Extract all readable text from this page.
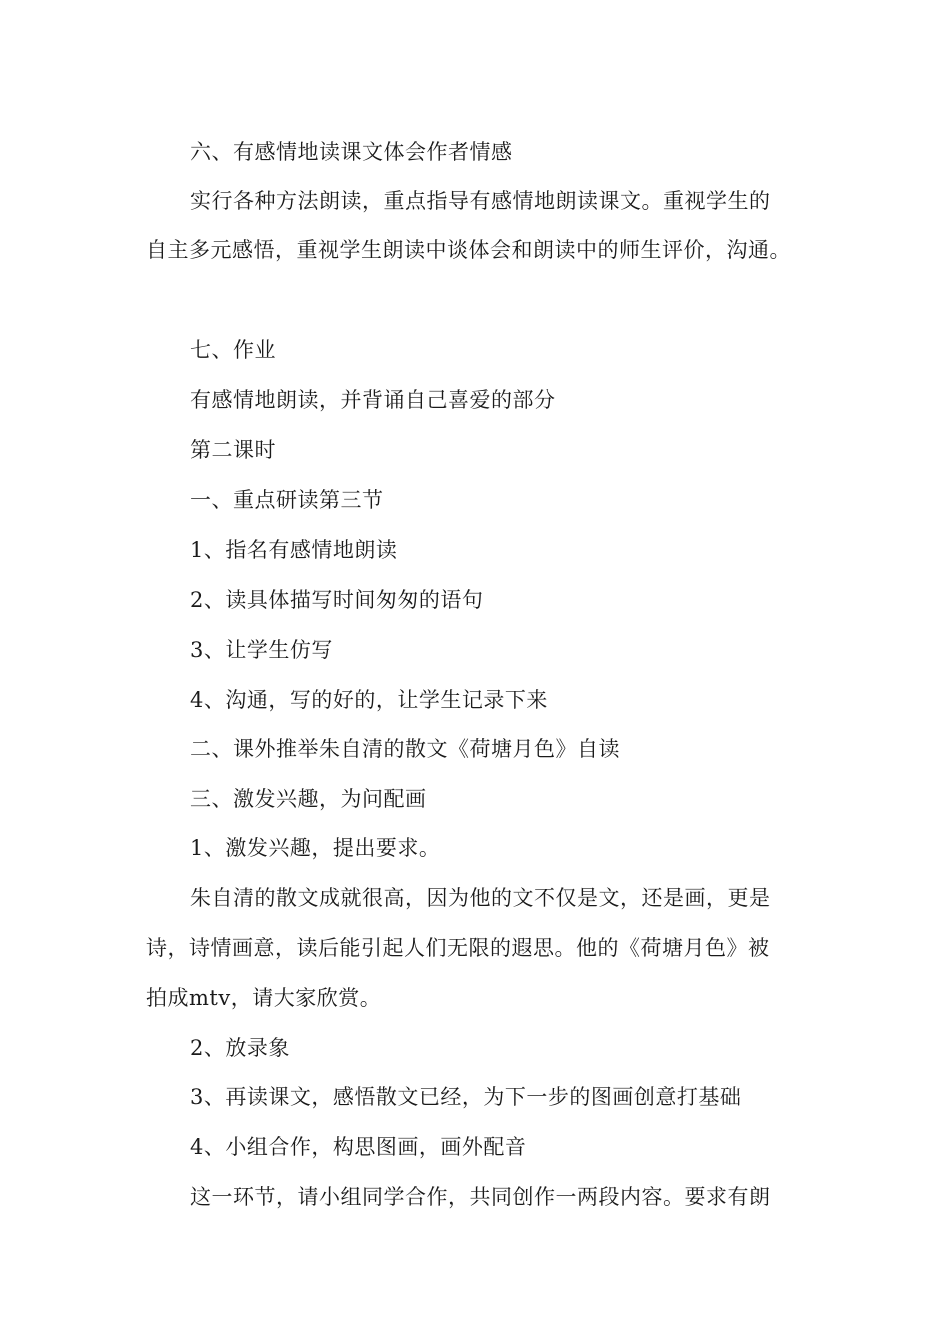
六、有感情地读课文体会作者情感
实行各种方法朗读，重点指导有感情地朗读课文。重视学生的
自主多元感悟，重视学生朗读中谈体会和朗读中的师生评价，沟通。
七、作业
有感情地朗读，并背诵自己喜爱的部分
第二课时
一、重点研读第三节
1、指名有感情地朗读
2、读具体描写时间匆匆的语句
3、让学生仿写
4、沟通，写的好的，让学生记录下来
二、课外推举朱自清的散文《荷塘月色》自读
三、激发兴趣，为问配画
1、激发兴趣，提出要求。
朱自清的散文成就很高，因为他的文不仅是文，还是画，更是
诗，诗情画意，读后能引起人们无限的遐思。他的《荷塘月色》被
拍成mtv，请大家欣赏。
2、放录象
3、再读课文，感悟散文已经，为下一步的图画创意打基础
4、小组合作，构思图画，画外配音
这一环节，请小组同学合作，共同创作一两段内容。要求有朗
